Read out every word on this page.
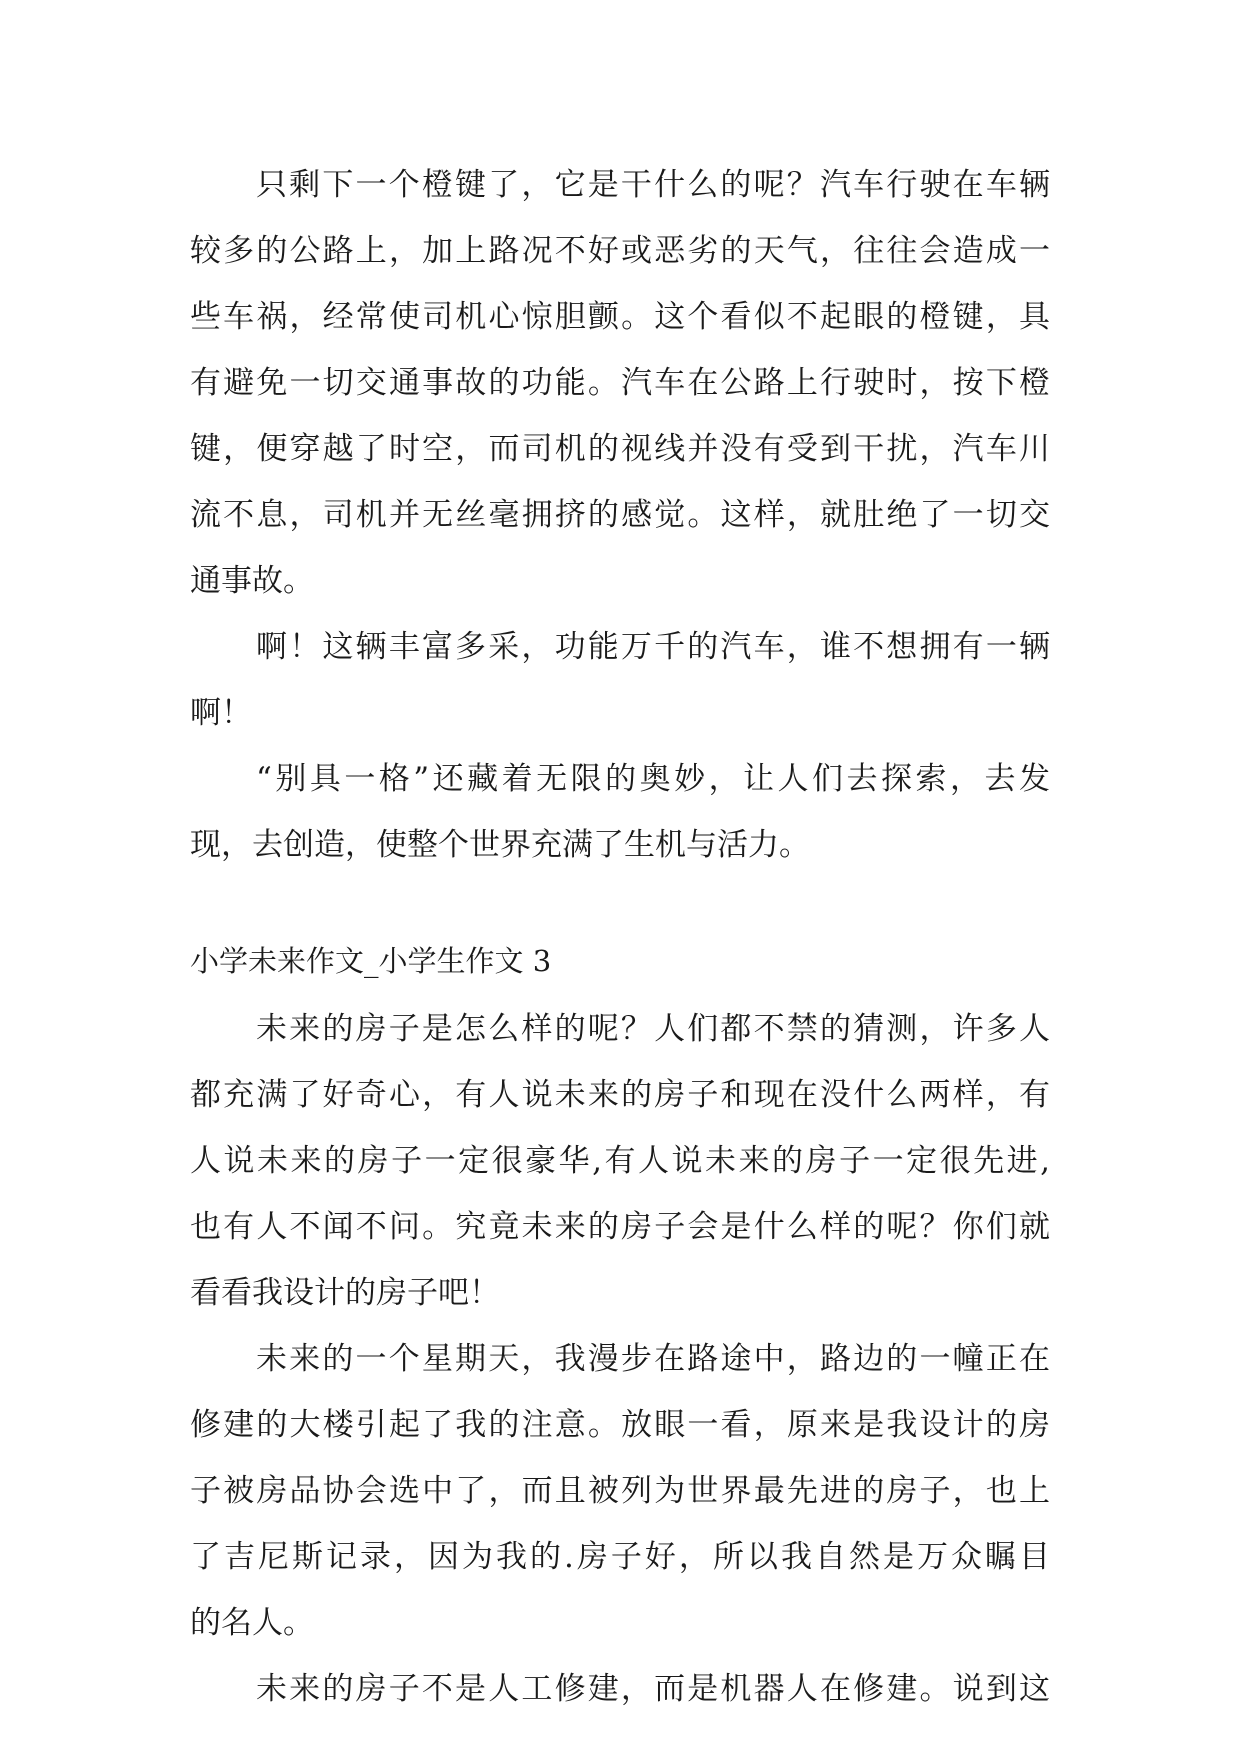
只剩下一个橙键了，它是干什么的呢？汽车行驶在车辆
较多的公路上，加上路况不好或恶劣的天气，往往会造成一
些车祸，经常使司机心惊胆颤。这个看似不起眼的橙键，具
有避免一切交通事故的功能。汽车在公路上行驶时，按下橙
键，便穿越了时空，而司机的视线并没有受到干扰，汽车川
流不息，司机并无丝毫拥挤的感觉。这样，就肚绝了一切交
通事故。
啊！这辆丰富多采，功能万千的汽车，谁不想拥有一辆
啊！
“别具一格”还藏着无限的奥妙，让人们去探索，去发
现，去创造，使整个世界充满了生机与活力。
小学未来作文_小学生作文 3
未来的房子是怎么样的呢？人们都不禁的猜测，许多人
都充满了好奇心，有人说未来的房子和现在没什么两样，有
人说未来的房子一定很豪华,有人说未来的房子一定很先进,
也有人不闻不问。究竟未来的房子会是什么样的呢？你们就
看看我设计的房子吧！
未来的一个星期天，我漫步在路途中，路边的一幢正在
修建的大楼引起了我的注意。放眼一看，原来是我设计的房
子被房品协会选中了，而且被列为世界最先进的房子，也上
了吉尼斯记录，因为我的.房子好，所以我自然是万众瞩目
的名人。
未来的房子不是人工修建，而是机器人在修建。说到这
